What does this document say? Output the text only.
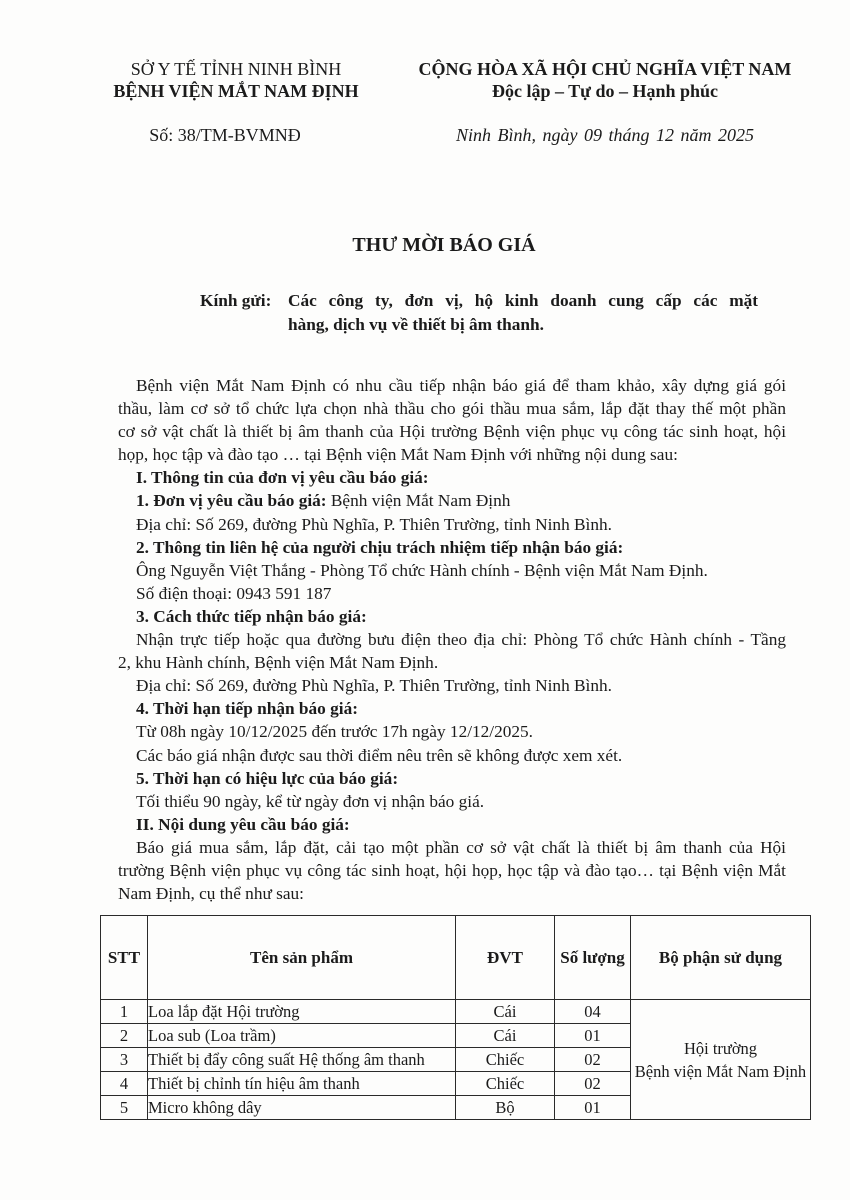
SỞ Y TẾ TỈNH NINH BÌNH
BỆNH VIỆN MẮT NAM ĐỊNH
Số: 38/TM-BVMNĐ
CỘNG HÒA XÃ HỘI CHỦ NGHĨA VIỆT NAM
Độc lập – Tự do – Hạnh phúc
Ninh Bình, ngày 09 tháng 12 năm 2025
THƯ MỜI BÁO GIÁ
Kính gửi: Các công ty, đơn vị, hộ kinh doanh cung cấp các mặt
hàng, dịch vụ về thiết bị âm thanh.
Bệnh viện Mắt Nam Định có nhu cầu tiếp nhận báo giá để tham khảo, xây dựng giá gói
thầu, làm cơ sở tổ chức lựa chọn nhà thầu cho gói thầu mua sắm, lắp đặt thay thế một phần
cơ sở vật chất là thiết bị âm thanh của Hội trường Bệnh viện phục vụ công tác sinh hoạt, hội
họp, học tập và đào tạo … tại Bệnh viện Mắt Nam Định với những nội dung sau:
I. Thông tin của đơn vị yêu cầu báo giá:
1. Đơn vị yêu cầu báo giá: Bệnh viện Mắt Nam Định
Địa chỉ: Số 269, đường Phù Nghĩa, P. Thiên Trường, tỉnh Ninh Bình.
2. Thông tin liên hệ của người chịu trách nhiệm tiếp nhận báo giá:
Ông Nguyễn Việt Thắng - Phòng Tổ chức Hành chính - Bệnh viện Mắt Nam Định.
Số điện thoại: 0943 591 187
3. Cách thức tiếp nhận báo giá:
Nhận trực tiếp hoặc qua đường bưu điện theo địa chỉ: Phòng Tổ chức Hành chính - Tầng
2, khu Hành chính, Bệnh viện Mắt Nam Định.
Địa chỉ: Số 269, đường Phù Nghĩa, P. Thiên Trường, tỉnh Ninh Bình.
4. Thời hạn tiếp nhận báo giá:
Từ 08h ngày 10/12/2025 đến trước 17h ngày 12/12/2025.
Các báo giá nhận được sau thời điểm nêu trên sẽ không được xem xét.
5. Thời hạn có hiệu lực của báo giá:
Tối thiểu 90 ngày, kể từ ngày đơn vị nhận báo giá.
II. Nội dung yêu cầu báo giá:
Báo giá mua sắm, lắp đặt, cải tạo một phần cơ sở vật chất là thiết bị âm thanh của Hội
trường Bệnh viện phục vụ công tác sinh hoạt, hội họp, học tập và đào tạo… tại Bệnh viện Mắt
Nam Định, cụ thể như sau:
STT	Tên sản phẩm	ĐVT	Số lượng	Bộ phận sử dụng
1	Loa lắp đặt Hội trường	Cái	04	Hội trường
Bệnh viện Mắt Nam Định

2	Loa sub (Loa trầm)	Cái	01	
3	Thiết bị đẩy công suất Hệ thống âm thanh	Chiếc	02	
4	Thiết bị chỉnh tín hiệu âm thanh	Chiếc	02	
5	Micro không dây	Bộ	01	
